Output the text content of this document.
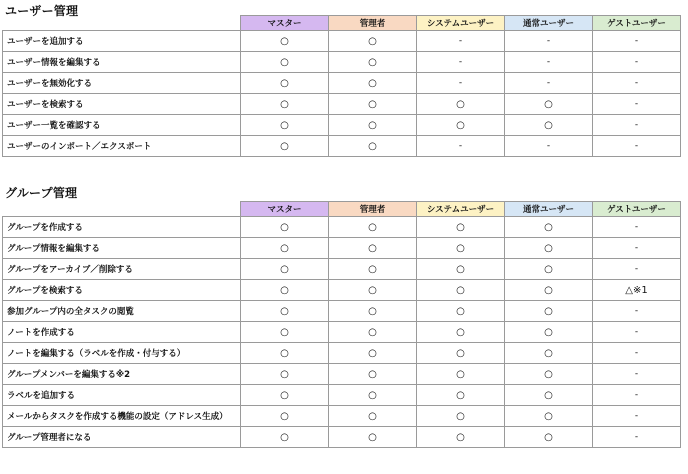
ユーザー管理
	マスター	管理者	システムユーザー	通常ユーザー	ゲストユーザー
ユーザーを追加する	○	○	-	-	-
ユーザー情報を編集する	○	○	-	-	-
ユーザーを無効化する	○	○	-	-	-
ユーザーを検索する	○	○	○	○	-
ユーザー一覧を確認する	○	○	○	○	-
ユーザーのインポート／エクスポート	○	○	-	-	-
グループ管理
	マスター	管理者	システムユーザー	通常ユーザー	ゲストユーザー
グループを作成する	○	○	○	○	-
グループ情報を編集する	○	○	○	○	-
グループをアーカイブ／削除する	○	○	○	○	-
グループを検索する	○	○	○	○	△※1
参加グループ内の全タスクの閲覧	○	○	○	○	-
ノートを作成する	○	○	○	○	-
ノートを編集する（ラベルを作成・付与する）	○	○	○	○	-
グループメンバーを編集する※2	○	○	○	○	-
ラベルを追加する	○	○	○	○	-
メールからタスクを作成する機能の設定（アドレス生成）	○	○	○	○	-
グループ管理者になる	○	○	○	○	-
